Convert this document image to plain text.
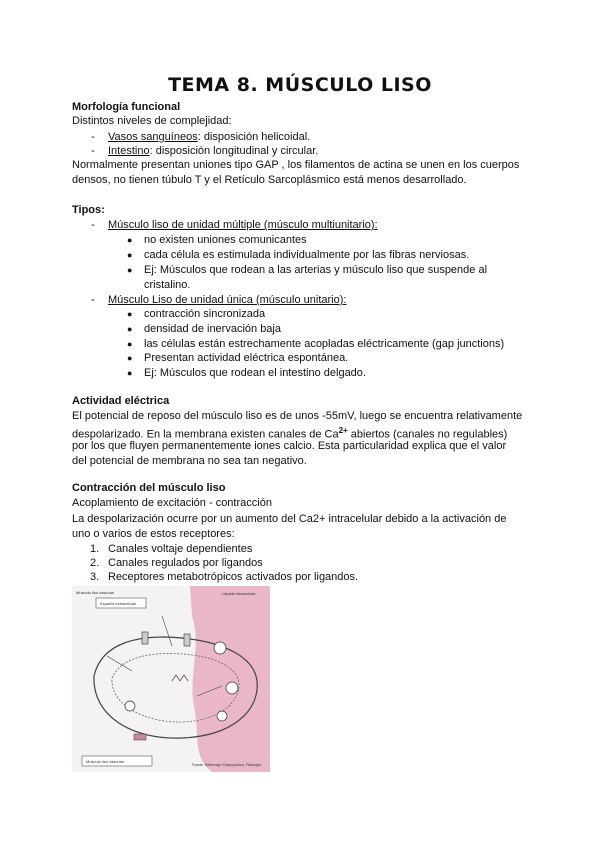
TEMA 8. MÚSCULO LISO
Morfología funcional
Distintos niveles de complejidad:
- Vasos sanguíneos: disposición helicoidal.
- Intestino: disposición longitudinal y circular.
Normalmente presentan uniones tipo GAP , los filamentos de actina se unen en los cuerpos
densos, no tienen túbulo T y el Retículo Sarcoplásmico está menos desarrollado.
Tipos:
- Músculo liso de unidad múltiple (músculo multiunitario):
● no existen uniones comunicantes
● cada célula es estimulada individualmente por las fibras nerviosas.
● Ej: Músculos que rodean a las arterias y músculo liso que suspende al
cristalino.
- Músculo Liso de unidad única (músculo unitario):
● contracción sincronizada
● densidad de inervación baja
● las células están estrechamente acopladas eléctricamente (gap junctions)
● Presentan actividad eléctrica espontánea.
● Ej: Músculos que rodean el intestino delgado.
Actividad eléctrica
El potencial de reposo del músculo liso es de unos -55mV, luego se encuentra relativamente
despolarizado. En la membrana existen canales de $Ca^{2+}$ abiertos (canales no regulables)
por los que fluyen permanentemente iones calcio. Esta particularidad explica que el valor
del potencial de membrana no sea tan negativo.
Contracción del músculo liso
Acoplamiento de excitación - contracción
La despolarización ocurre por un aumento del Ca2+ intracelular debido a la activación de
uno o varios de estos receptores:
1. Canales voltaje dependientes
2. Canales regulados por ligandos
3. Receptores metabotrópicos activados por ligandos.
Músculo liso vascular
Espacio extracelular
Liquido intracelular
Músculo liso vascular
Fuente: Silbernagl / Despopoulos, Fisiología
